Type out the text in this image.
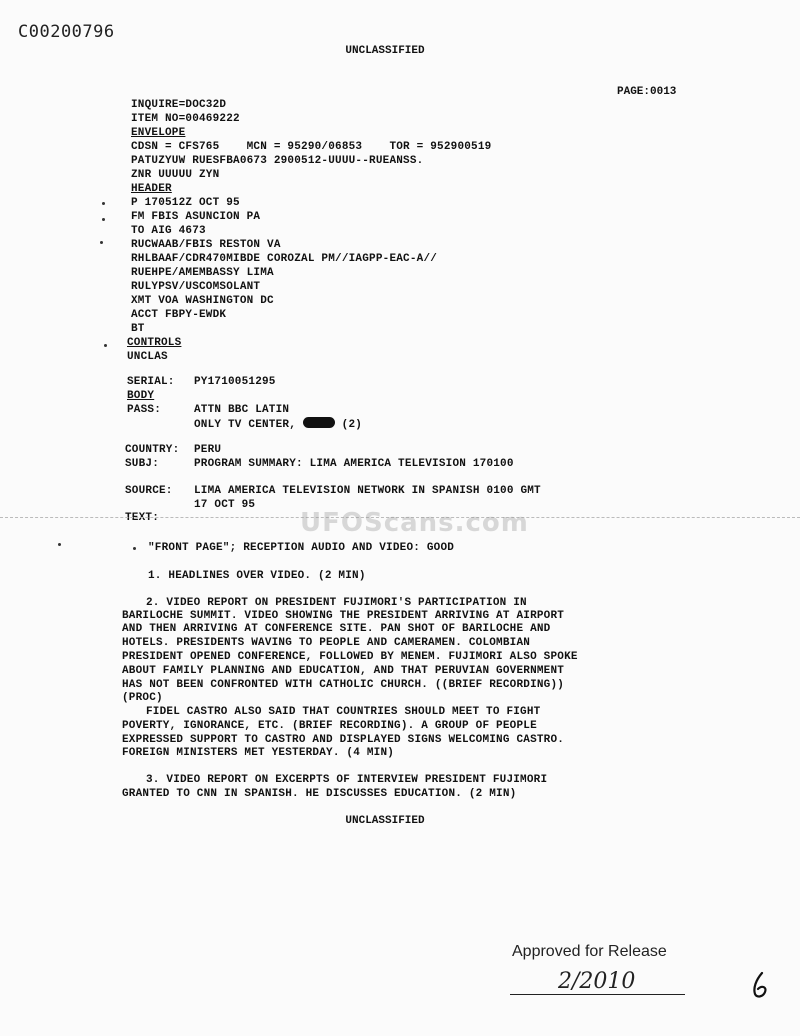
C00200796
UNCLASSIFIED
PAGE:0013
INQUIRE=DOC32D
ITEM NO=00469222
ENVELOPE
CDSN = CFS765    MCN = 95290/06853    TOR = 952900519
PATUZYUW RUESFBA0673 2900512-UUUU--RUEANSS.
ZNR UUUUU ZYN
HEADER
P 170512Z OCT 95
FM FBIS ASUNCION PA
TO AIG 4673
RUCWAAB/FBIS RESTON VA
RHLBAAF/CDR470MIBDE COROZAL PM//IAGPP-EAC-A//
RUEHPE/AMEMBASSY LIMA
RULYPSV/USCOMSOLANT
XMT VOA WASHINGTON DC
ACCT FBPY-EWDK
BT
CONTROLS
UNCLAS
SERIAL: PY1710051295
BODY
PASS:	ATTN BBC LATIN
ONLY TV CENTER,	(2)
COUNTRY: PERU
SUBJ:	PROGRAM SUMMARY: LIMA AMERICA TELEVISION 170100
SOURCE: LIMA AMERICA TELEVISION NETWORK IN SPANISH 0100 GMT
17 OCT 95
TEXT:	UFOScans.com
"FRONT PAGE"; RECEPTION AUDIO AND VIDEO: GOOD
1. HEADLINES OVER VIDEO. (2 MIN)
2. VIDEO REPORT ON PRESIDENT FUJIMORI'S PARTICIPATION IN
BARILOCHE SUMMIT. VIDEO SHOWING THE PRESIDENT ARRIVING AT AIRPORT
AND THEN ARRIVING AT CONFERENCE SITE. PAN SHOT OF BARILOCHE AND
HOTELS. PRESIDENTS WAVING TO PEOPLE AND CAMERAMEN. COLOMBIAN
PRESIDENT OPENED CONFERENCE, FOLLOWED BY MENEM. FUJIMORI ALSO SPOKE
ABOUT FAMILY PLANNING AND EDUCATION, AND THAT PERUVIAN GOVERNMENT
HAS NOT BEEN CONFRONTED WITH CATHOLIC CHURCH. ((BRIEF RECORDING))
(PROC)
FIDEL CASTRO ALSO SAID THAT COUNTRIES SHOULD MEET TO FIGHT
POVERTY, IGNORANCE, ETC. (BRIEF RECORDING). A GROUP OF PEOPLE
EXPRESSED SUPPORT TO CASTRO AND DISPLAYED SIGNS WELCOMING CASTRO.
FOREIGN MINISTERS MET YESTERDAY. (4 MIN)
3. VIDEO REPORT ON EXCERPTS OF INTERVIEW PRESIDENT FUJIMORI
GRANTED TO CNN IN SPANISH. HE DISCUSSES EDUCATION. (2 MIN)
UNCLASSIFIED
Approved for Release
2/2010
